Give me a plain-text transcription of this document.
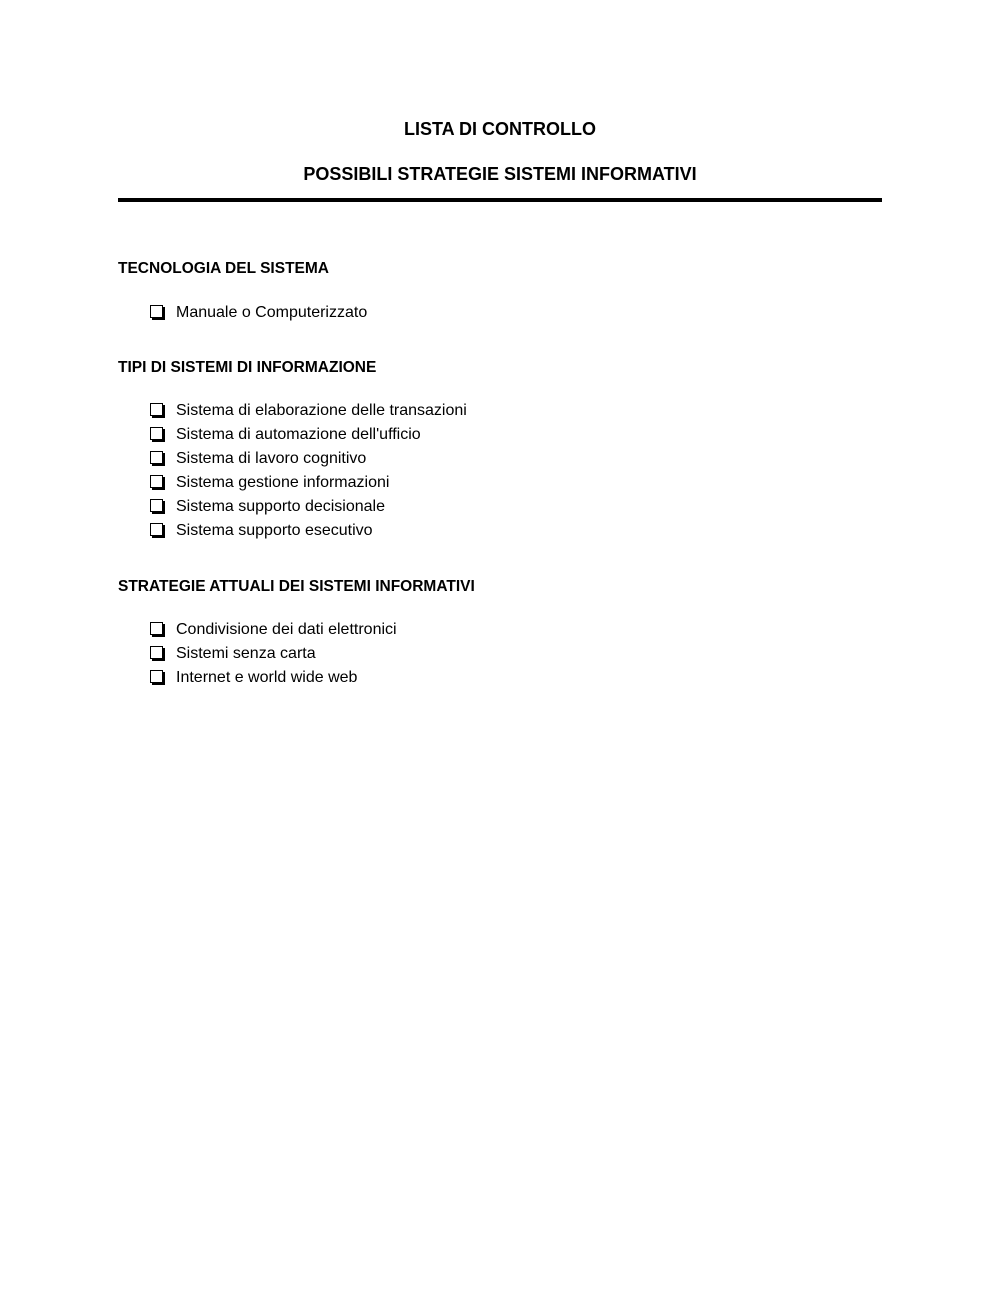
LISTA DI CONTROLLO
POSSIBILI STRATEGIE SISTEMI INFORMATIVI
TECNOLOGIA DEL SISTEMA
Manuale o Computerizzato
TIPI DI SISTEMI DI INFORMAZIONE
Sistema di elaborazione delle transazioni
Sistema di automazione dell'ufficio
Sistema di lavoro cognitivo
Sistema gestione informazioni
Sistema supporto decisionale
Sistema supporto esecutivo
STRATEGIE ATTUALI DEI SISTEMI INFORMATIVI
Condivisione dei dati elettronici
Sistemi senza carta
Internet e world wide web
